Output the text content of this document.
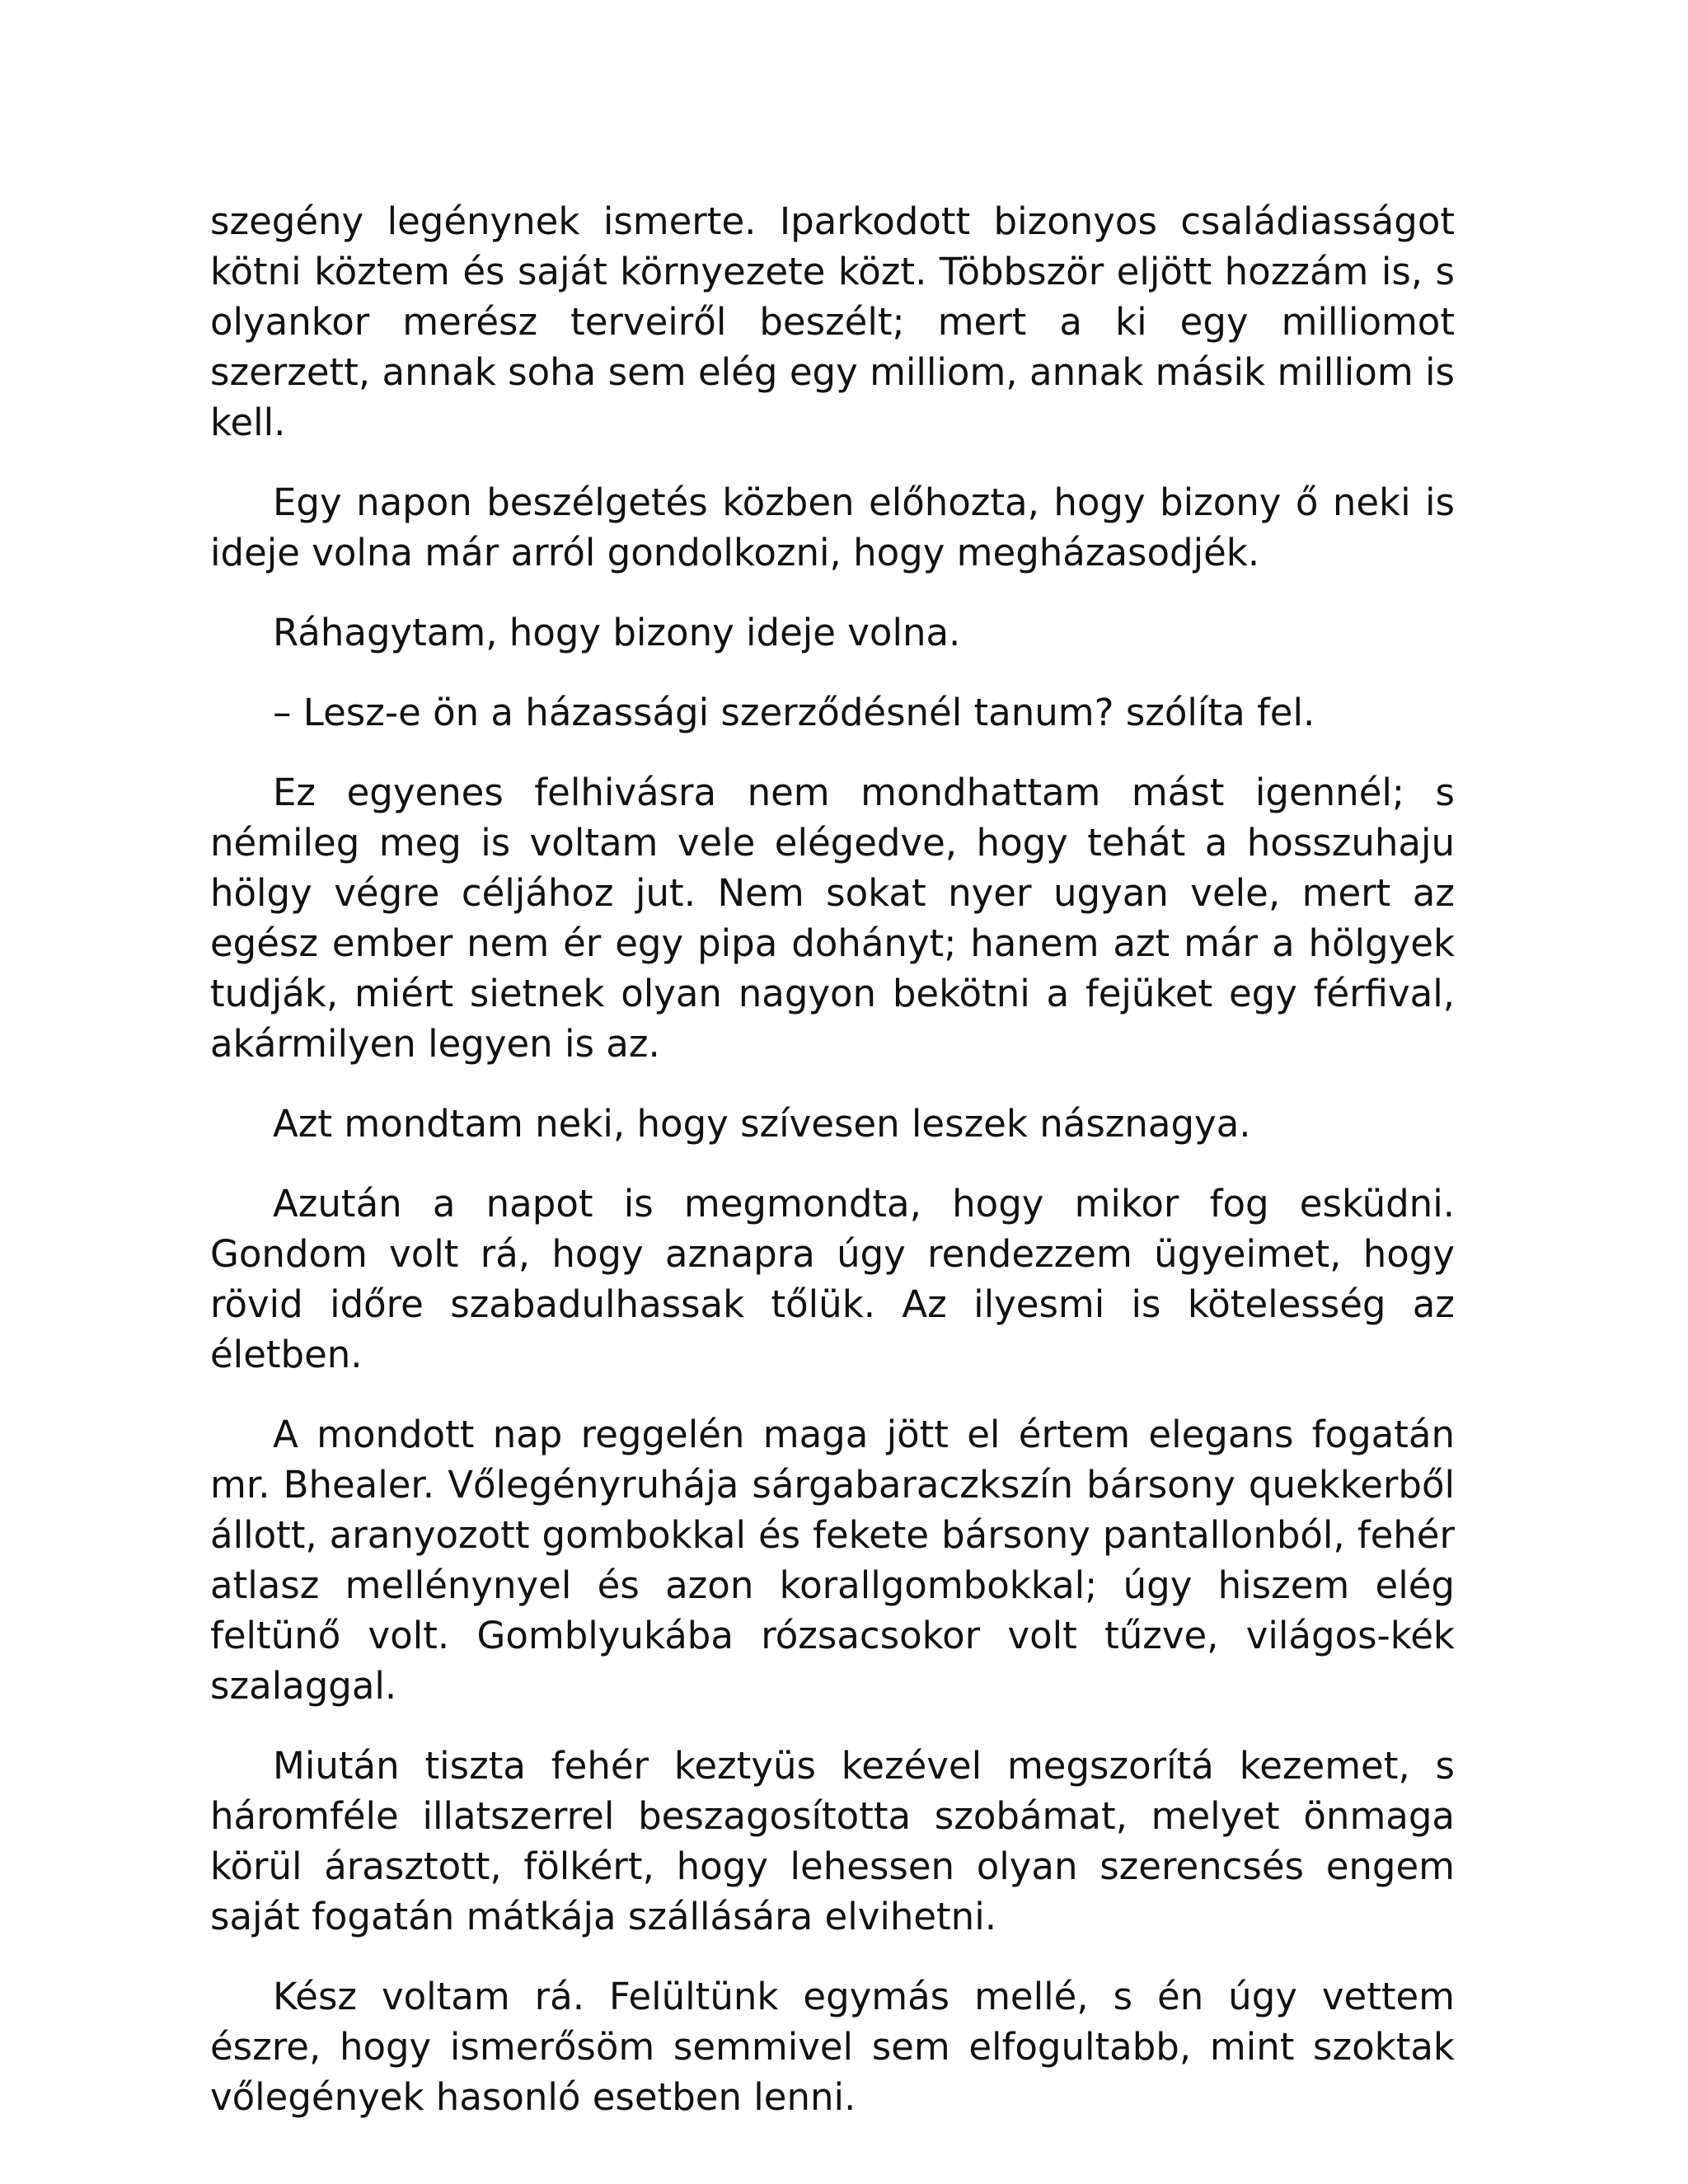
szegény legénynek ismerte. Iparkodott bizonyos családiasságot kötni köztem és saját környezete közt. Többször eljött hozzám is, s olyankor merész terveiről beszélt; mert a ki egy milliomot szerzett, annak soha sem elég egy milliom, annak másik milliom is kell.

Egy napon beszélgetés közben előhozta, hogy bizony ő neki is ideje volna már arról gondolkozni, hogy megházasodjék.

Ráhagytam, hogy bizony ideje volna.

– Lesz-e ön a házassági szerződésnél tanum? szólíta fel.

Ez egyenes felhivásra nem mondhattam mást igennél; s némileg meg is voltam vele elégedve, hogy tehát a hosszuhaju hölgy végre céljához jut. Nem sokat nyer ugyan vele, mert az egész ember nem ér egy pipa dohányt; hanem azt már a hölgyek tudják, miért sietnek olyan nagyon bekötni a fejüket egy férfival, akármilyen legyen is az.

Azt mondtam neki, hogy szívesen leszek násznagya.

Azután a napot is megmondta, hogy mikor fog esküdni. Gondom volt rá, hogy aznapra úgy rendezzem ügyeimet, hogy rövid időre szabadulhassak tőlük. Az ilyesmi is kötelesség az életben.

A mondott nap reggelén maga jött el értem elegans fogatán mr. Bhealer. Vőlegényruhája sárgabaraczkszín bársony quekkerből állott, aranyozott gombokkal és fekete bársony pantallonból, fehér atlasz mellénynyel és azon korallgombokkal; úgy hiszem elég feltünő volt. Gomblyukába rózsacsokor volt tűzve, világos-kék szalaggal.

Miután tiszta fehér keztyüs kezével megszorítá kezemet, s háromféle illatszerrel beszagosította szobámat, melyet önmaga körül árasztott, fölkért, hogy lehessen olyan szerencsés engem saját fogatán mátkája szállására elvihetni.

Kész voltam rá. Felültünk egymás mellé, s én úgy vettem észre, hogy ismerősöm semmivel sem elfogultabb, mint szoktak vőlegények hasonló esetben lenni.
